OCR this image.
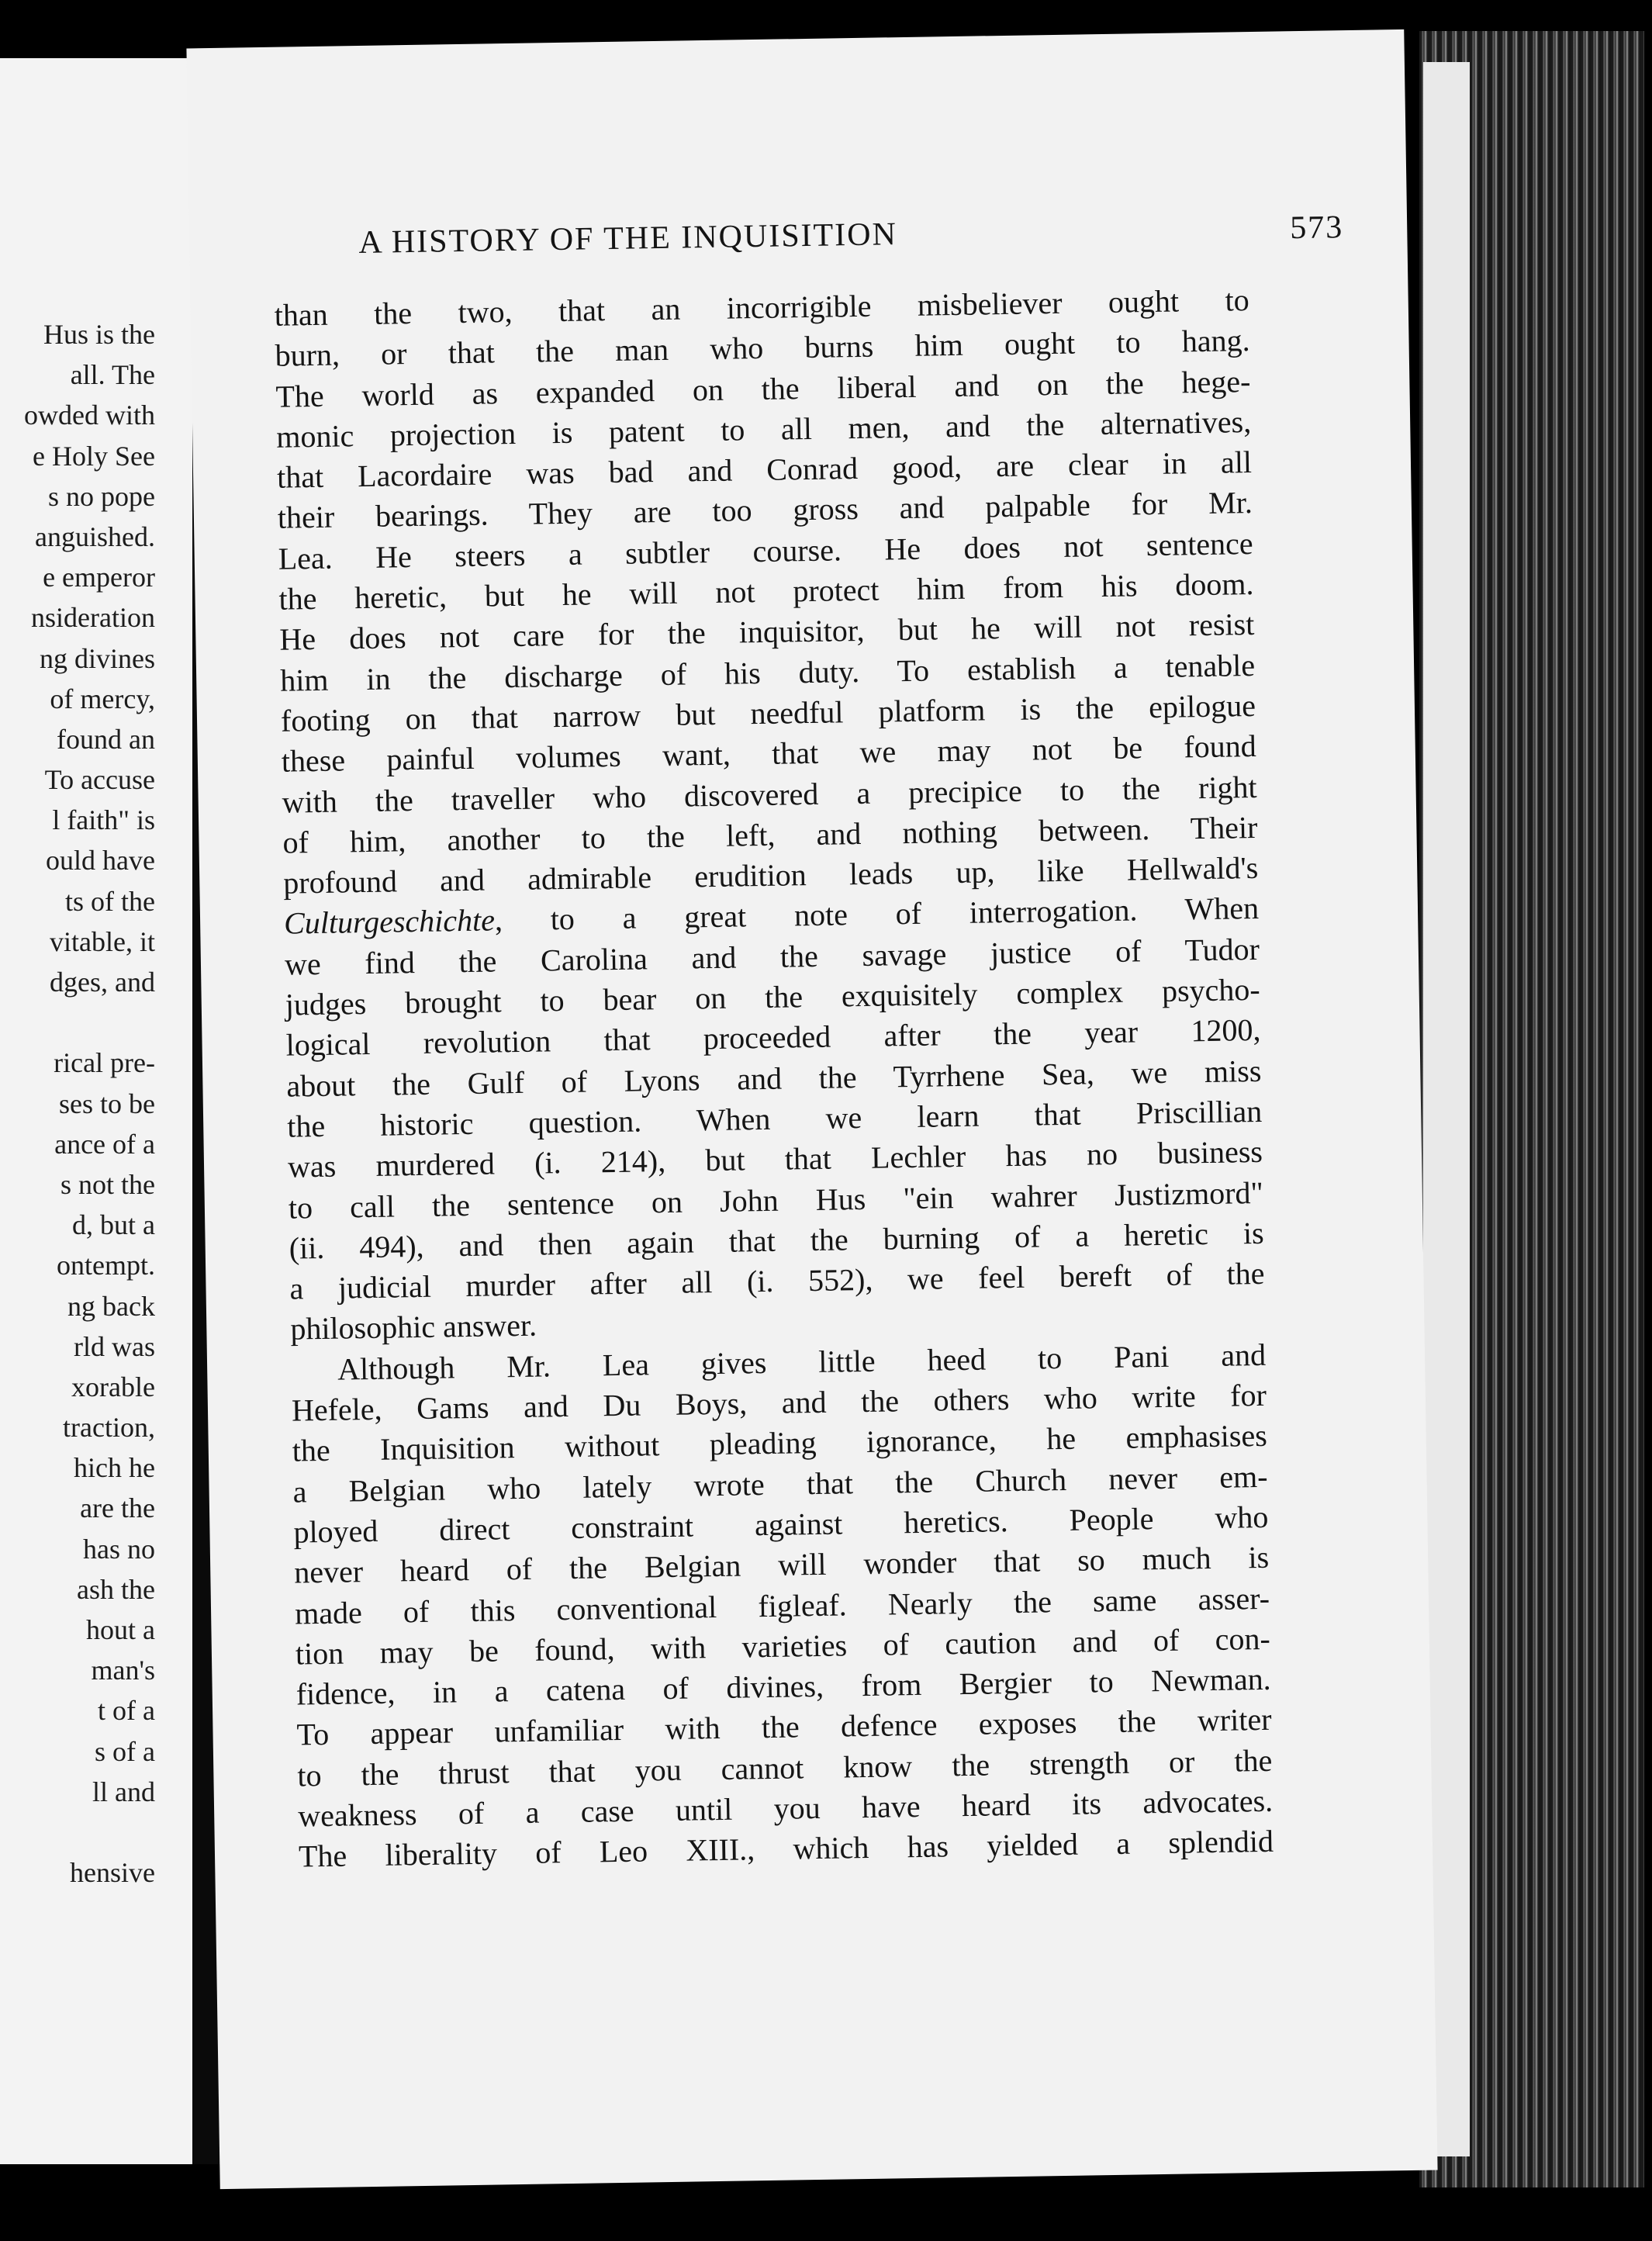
Hus is the
all. The
owded with
e Holy See
s no pope
anguished.
e emperor
nsideration
ng divines
of mercy,
found an
To accuse
l faith" is
ould have
ts of the
vitable, it
dges, and
rical pre-
ses to be
ance of a
s not the
d, but a
ontempt.
ng back
rld was
xorable
traction,
hich he
are the
has no
ash the
hout a
man's
t of a
s of a
ll and
hensive
A HISTORY OF THE INQUISITION	573
than the two, that an incorrigible misbeliever ought to
burn, or that the man who burns him ought to hang.
The world as expanded on the liberal and on the hege-
monic projection is patent to all men, and the alternatives,
that Lacordaire was bad and Conrad good, are clear in all
their bearings. They are too gross and palpable for Mr.
Lea. He steers a subtler course. He does not sentence
the heretic, but he will not protect him from his doom.
He does not care for the inquisitor, but he will not resist
him in the discharge of his duty. To establish a tenable
footing on that narrow but needful platform is the epilogue
these painful volumes want, that we may not be found
with the traveller who discovered a precipice to the right
of him, another to the left, and nothing between. Their
profound and admirable erudition leads up, like Hellwald's
Culturgeschichte, to a great note of interrogation. When
we find the Carolina and the savage justice of Tudor
judges brought to bear on the exquisitely complex psycho-
logical revolution that proceeded after the year 1200,
about the Gulf of Lyons and the Tyrrhene Sea, we miss
the historic question. When we learn that Priscillian
was murdered (i. 214), but that Lechler has no business
to call the sentence on John Hus "ein wahrer Justizmord"
(ii. 494), and then again that the burning of a heretic is
a judicial murder after all (i. 552), we feel bereft of the
philosophic answer.
Although Mr. Lea gives little heed to Pani and
Hefele, Gams and Du Boys, and the others who write for
the Inquisition without pleading ignorance, he emphasises
a Belgian who lately wrote that the Church never em-
ployed direct constraint against heretics. People who
never heard of the Belgian will wonder that so much is
made of this conventional figleaf. Nearly the same asser-
tion may be found, with varieties of caution and of con-
fidence, in a catena of divines, from Bergier to Newman.
To appear unfamiliar with the defence exposes the writer
to the thrust that you cannot know the strength or the
weakness of a case until you have heard its advocates.
The liberality of Leo XIII., which has yielded a splendid
